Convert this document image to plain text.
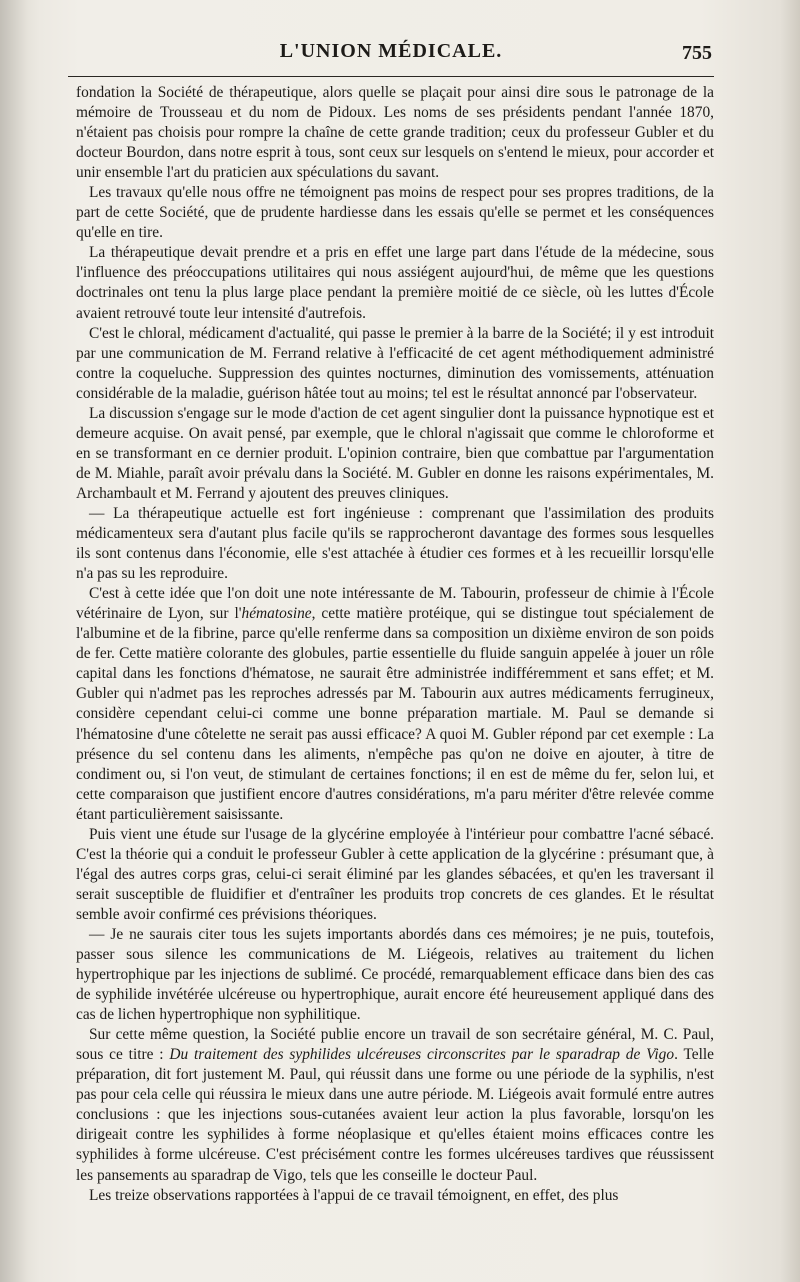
L'UNION MÉDICALE.	755

fondation la Société de thérapeutique, alors quelle se plaçait pour ainsi dire sous le patronage de la mémoire de Trousseau et du nom de Pidoux. Les noms de ses présidents pendant l'année 1870, n'étaient pas choisis pour rompre la chaîne de cette grande tradition; ceux du professeur Gubler et du docteur Bourdon, dans notre esprit à tous, sont ceux sur lesquels on s'entend le mieux, pour accorder et unir ensemble l'art du praticien aux spéculations du savant.

Les travaux qu'elle nous offre ne témoignent pas moins de respect pour ses propres traditions, de la part de cette Société, que de prudente hardiesse dans les essais qu'elle se permet et les conséquences qu'elle en tire.

La thérapeutique devait prendre et a pris en effet une large part dans l'étude de la médecine, sous l'influence des préoccupations utilitaires qui nous assiégent aujourd'hui, de même que les questions doctrinales ont tenu la plus large place pendant la première moitié de ce siècle, où les luttes d'École avaient retrouvé toute leur intensité d'autrefois.

C'est le chloral, médicament d'actualité, qui passe le premier à la barre de la Société; il y est introduit par une communication de M. Ferrand relative à l'efficacité de cet agent méthodiquement administré contre la coqueluche. Suppression des quintes nocturnes, diminution des vomissements, atténuation considérable de la maladie, guérison hâtée tout au moins; tel est le résultat annoncé par l'observateur.

La discussion s'engage sur le mode d'action de cet agent singulier dont la puissance hypnotique est et demeure acquise. On avait pensé, par exemple, que le chloral n'agissait que comme le chloroforme et en se transformant en ce dernier produit. L'opinion contraire, bien que combattue par l'argumentation de M. Miahle, paraît avoir prévalu dans la Société. M. Gubler en donne les raisons expérimentales, M. Archambault et M. Ferrand y ajoutent des preuves cliniques.

— La thérapeutique actuelle est fort ingénieuse : comprenant que l'assimilation des produits médicamenteux sera d'autant plus facile qu'ils se rapprocheront davantage des formes sous lesquelles ils sont contenus dans l'économie, elle s'est attachée à étudier ces formes et à les recueillir lorsqu'elle n'a pas su les reproduire.

C'est à cette idée que l'on doit une note intéressante de M. Tabourin, professeur de chimie à l'École vétérinaire de Lyon, sur l'hématosine, cette matière protéique, qui se distingue tout spécialement de l'albumine et de la fibrine, parce qu'elle renferme dans sa composition un dixième environ de son poids de fer. Cette matière colorante des globules, partie essentielle du fluide sanguin appelée à jouer un rôle capital dans les fonctions d'hématose, ne saurait être administrée indifféremment et sans effet; et M. Gubler qui n'admet pas les reproches adressés par M. Tabourin aux autres médicaments ferrugineux, considère cependant celui-ci comme une bonne préparation martiale. M. Paul se demande si l'hématosine d'une côtelette ne serait pas aussi efficace? A quoi M. Gubler répond par cet exemple : La présence du sel contenu dans les aliments, n'empêche pas qu'on ne doive en ajouter, à titre de condiment ou, si l'on veut, de stimulant de certaines fonctions; il en est de même du fer, selon lui, et cette comparaison que justifient encore d'autres considérations, m'a paru mériter d'être relevée comme étant particulièrement saisissante.

Puis vient une étude sur l'usage de la glycérine employée à l'intérieur pour combattre l'acné sébacé. C'est la théorie qui a conduit le professeur Gubler à cette application de la glycérine : présumant que, à l'égal des autres corps gras, celui-ci serait éliminé par les glandes sébacées, et qu'en les traversant il serait susceptible de fluidifier et d'entraîner les produits trop concrets de ces glandes. Et le résultat semble avoir confirmé ces prévisions théoriques.

— Je ne saurais citer tous les sujets importants abordés dans ces mémoires; je ne puis, toutefois, passer sous silence les communications de M. Liégeois, relatives au traitement du lichen hypertrophique par les injections de sublimé. Ce procédé, remarquablement efficace dans bien des cas de syphilide invétérée ulcéreuse ou hypertrophique, aurait encore été heureusement appliqué dans des cas de lichen hypertrophique non syphilitique.

Sur cette même question, la Société publie encore un travail de son secrétaire général, M. C. Paul, sous ce titre : Du traitement des syphilides ulcéreuses circonscrites par le sparadrap de Vigo. Telle préparation, dit fort justement M. Paul, qui réussit dans une forme ou une période de la syphilis, n'est pas pour cela celle qui réussira le mieux dans une autre période. M. Liégeois avait formulé entre autres conclusions : que les injections sous-cutanées avaient leur action la plus favorable, lorsqu'on les dirigeait contre les syphilides à forme néoplasique et qu'elles étaient moins efficaces contre les syphilides à forme ulcéreuse. C'est précisément contre les formes ulcéreuses tardives que réussissent les pansements au sparadrap de Vigo, tels que les conseille le docteur Paul.

Les treize observations rapportées à l'appui de ce travail témoignent, en effet, des plus
